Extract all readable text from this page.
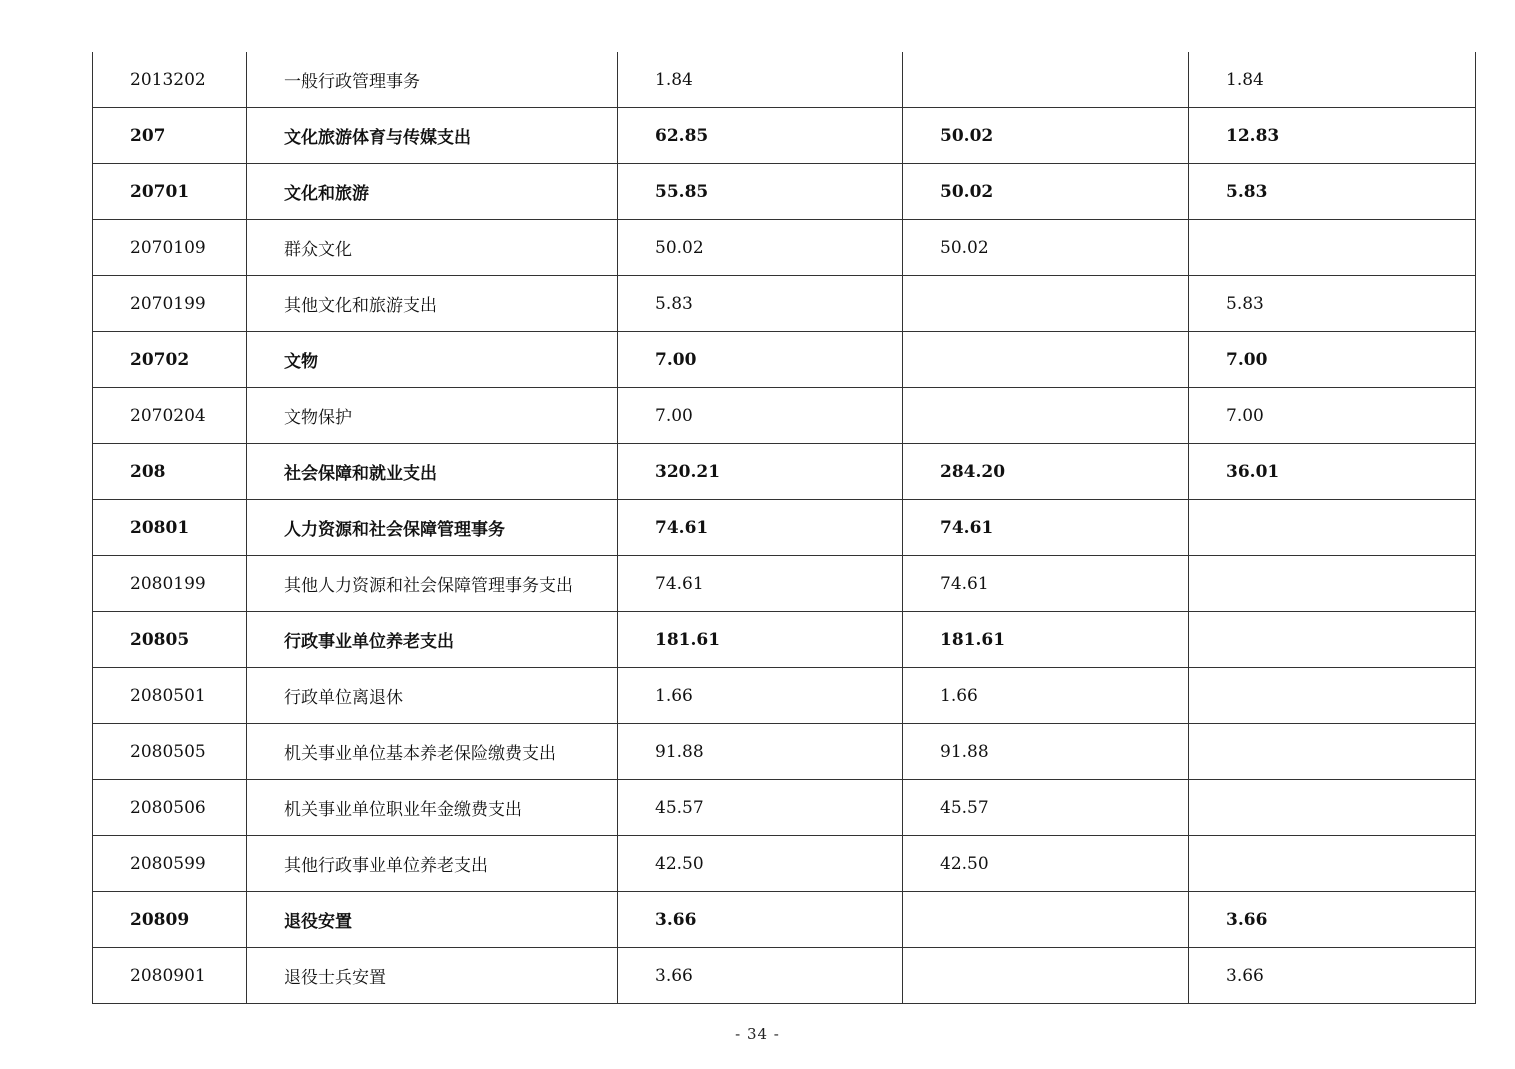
2013202	一般行政管理事务	1.84		1.84
207	文化旅游体育与传媒支出	62.85	50.02	12.83
20701	文化和旅游	55.85	50.02	5.83
2070109	群众文化	50.02	50.02	
2070199	其他文化和旅游支出	5.83		5.83
20702	文物	7.00		7.00
2070204	文物保护	7.00		7.00
208	社会保障和就业支出	320.21	284.20	36.01
20801	人力资源和社会保障管理事务	74.61	74.61	
2080199	其他人力资源和社会保障管理事务支出	74.61	74.61	
20805	行政事业单位养老支出	181.61	181.61	
2080501	行政单位离退休	1.66	1.66	
2080505	机关事业单位基本养老保险缴费支出	91.88	91.88	
2080506	机关事业单位职业年金缴费支出	45.57	45.57	
2080599	其他行政事业单位养老支出	42.50	42.50	
20809	退役安置	3.66		3.66
2080901	退役士兵安置	3.66		3.66
- 34 -
